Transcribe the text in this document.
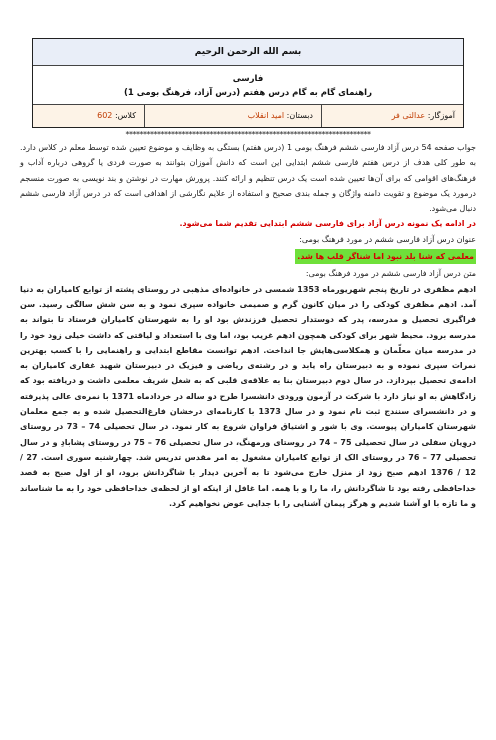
بسم الله الرحمن الرحیم
فارسی
راهنمای گام به گام درس هفتم (درس آزاد، فرهنگ بومی 1)
آموزگار: عدالتی فر
دبستان: امید انقلاب
کلاس: 602
**********************************************************************

جواب صفحه 54 درس آزاد فارسی ششم فرهنگ بومی 1 (درس هفتم) بستگی به وظایف و موضوع تعیین شده توسط معلم در کلاس دارد. به طور کلی هدف از درس هفتم فارسی ششم ابتدایی این است که دانش آموزان بتوانند به صورت فردی یا گروهی درباره آداب و فرهنگ‌های اقوامی که برای آن‌ها تعیین شده است یک درس تنظیم و ارائه کنند. پرورش مهارت در نوشتن و بند نویسی به صورت منسجم درمورد یک موضوع و تقویت دامنه واژگان و جمله بندی صحیح و استفاده از علایم نگارشی از اهدافی است که در درس آزاد فارسی ششم دنبال می‌شود.

در ادامه یک نمونه درس آزاد برای فارسی ششم ابتدایی تقدیم شما می‌شود.

عنوان درس آزاد فارسی ششم در مورد فرهنگ بومی:

معلمی که شنا بلد نبود اما شناگر قلب ها شد.

متن درس آزاد فارسی ششم در مورد فرهنگ بومی:

ادهم مظفری در تاریخ پنجم شهریورماه 1353 شمسی در خانواده‌ای مذهبی در روستای پشته از توابع کامیاران به دنیا آمد. ادهم مظفری کودکی را در میان کانون گرم و صمیمی خانواده سپری نمود و به سن شش سالگی رسید. سن فراگیری تحصیل و مدرسه، پدر که دوستدار تحصیل فرزندش بود او را به شهرستان کامیاران فرستاد تا بتواند به مدرسه برود. محیط شهر برای کودکی همچون ادهم غریب بود، اما وی با استعداد و لیاقتی که داشت خیلی زود خود را در مدرسه میان معلّمان و همکلاسی‌هایش جا انداخت. ادهم توانست مقاطع ابتدایی و راهنمایی را با کسب بهترین نمرات سپری نموده و به دبیرستان راه یابد و در رشته‌ی ریاضی و فیزیک در دبیرستان شهید غفاری کامیاران به ادامه‌ی تحصیل بپردازد. در سال دوم دبیرستان بنا به علاقه‌ی قلبی که به شغل شریف معلمی داشت و دریافته بود که زادگاهش به او نیاز دارد با شرکت در آزمون ورودی دانشسرا طرح دو ساله در خردادماه 1371 با نمره‌ی عالی پذیرفته و در دانشسرای سنندج ثبت نام نمود و در سال 1373 با کارنامه‌ای درخشان فارغ‌التحصیل شده و به جمع معلمان شهرستان کامیاران پیوست. وی با شور و اشتیاق فراوان شروع به کار نمود. در سال تحصیلی 74 – 73 در روستای دروِیان سفلی در سال تحصیلی 75 – 74 در روستای ورمهنگ، در سال تحصیلی 76 – 75 در روستای پشابادِ و در سال تحصیلی 77 – 76 در روستای الک از توابع کامیاران مشغول به امر مقدس تدریس شد. چهارشنبه سوری است. 27 / 12 / 1376 ادهم صبح زود از منزل خارج می‌شود تا به آخرین دیدار با شاگردانش برود، او از اول صبح به قصد خداحافظی رفته بود تا شاگردانش را، ما را و با همه. اما غافل از اینکه او از لحظه‌ی خداحافظی خود را به ما شناساند و ما تازه با او آشنا شدیم و هرگز پیمان آشنایی را با جدایی عوض نخواهیم کرد.
